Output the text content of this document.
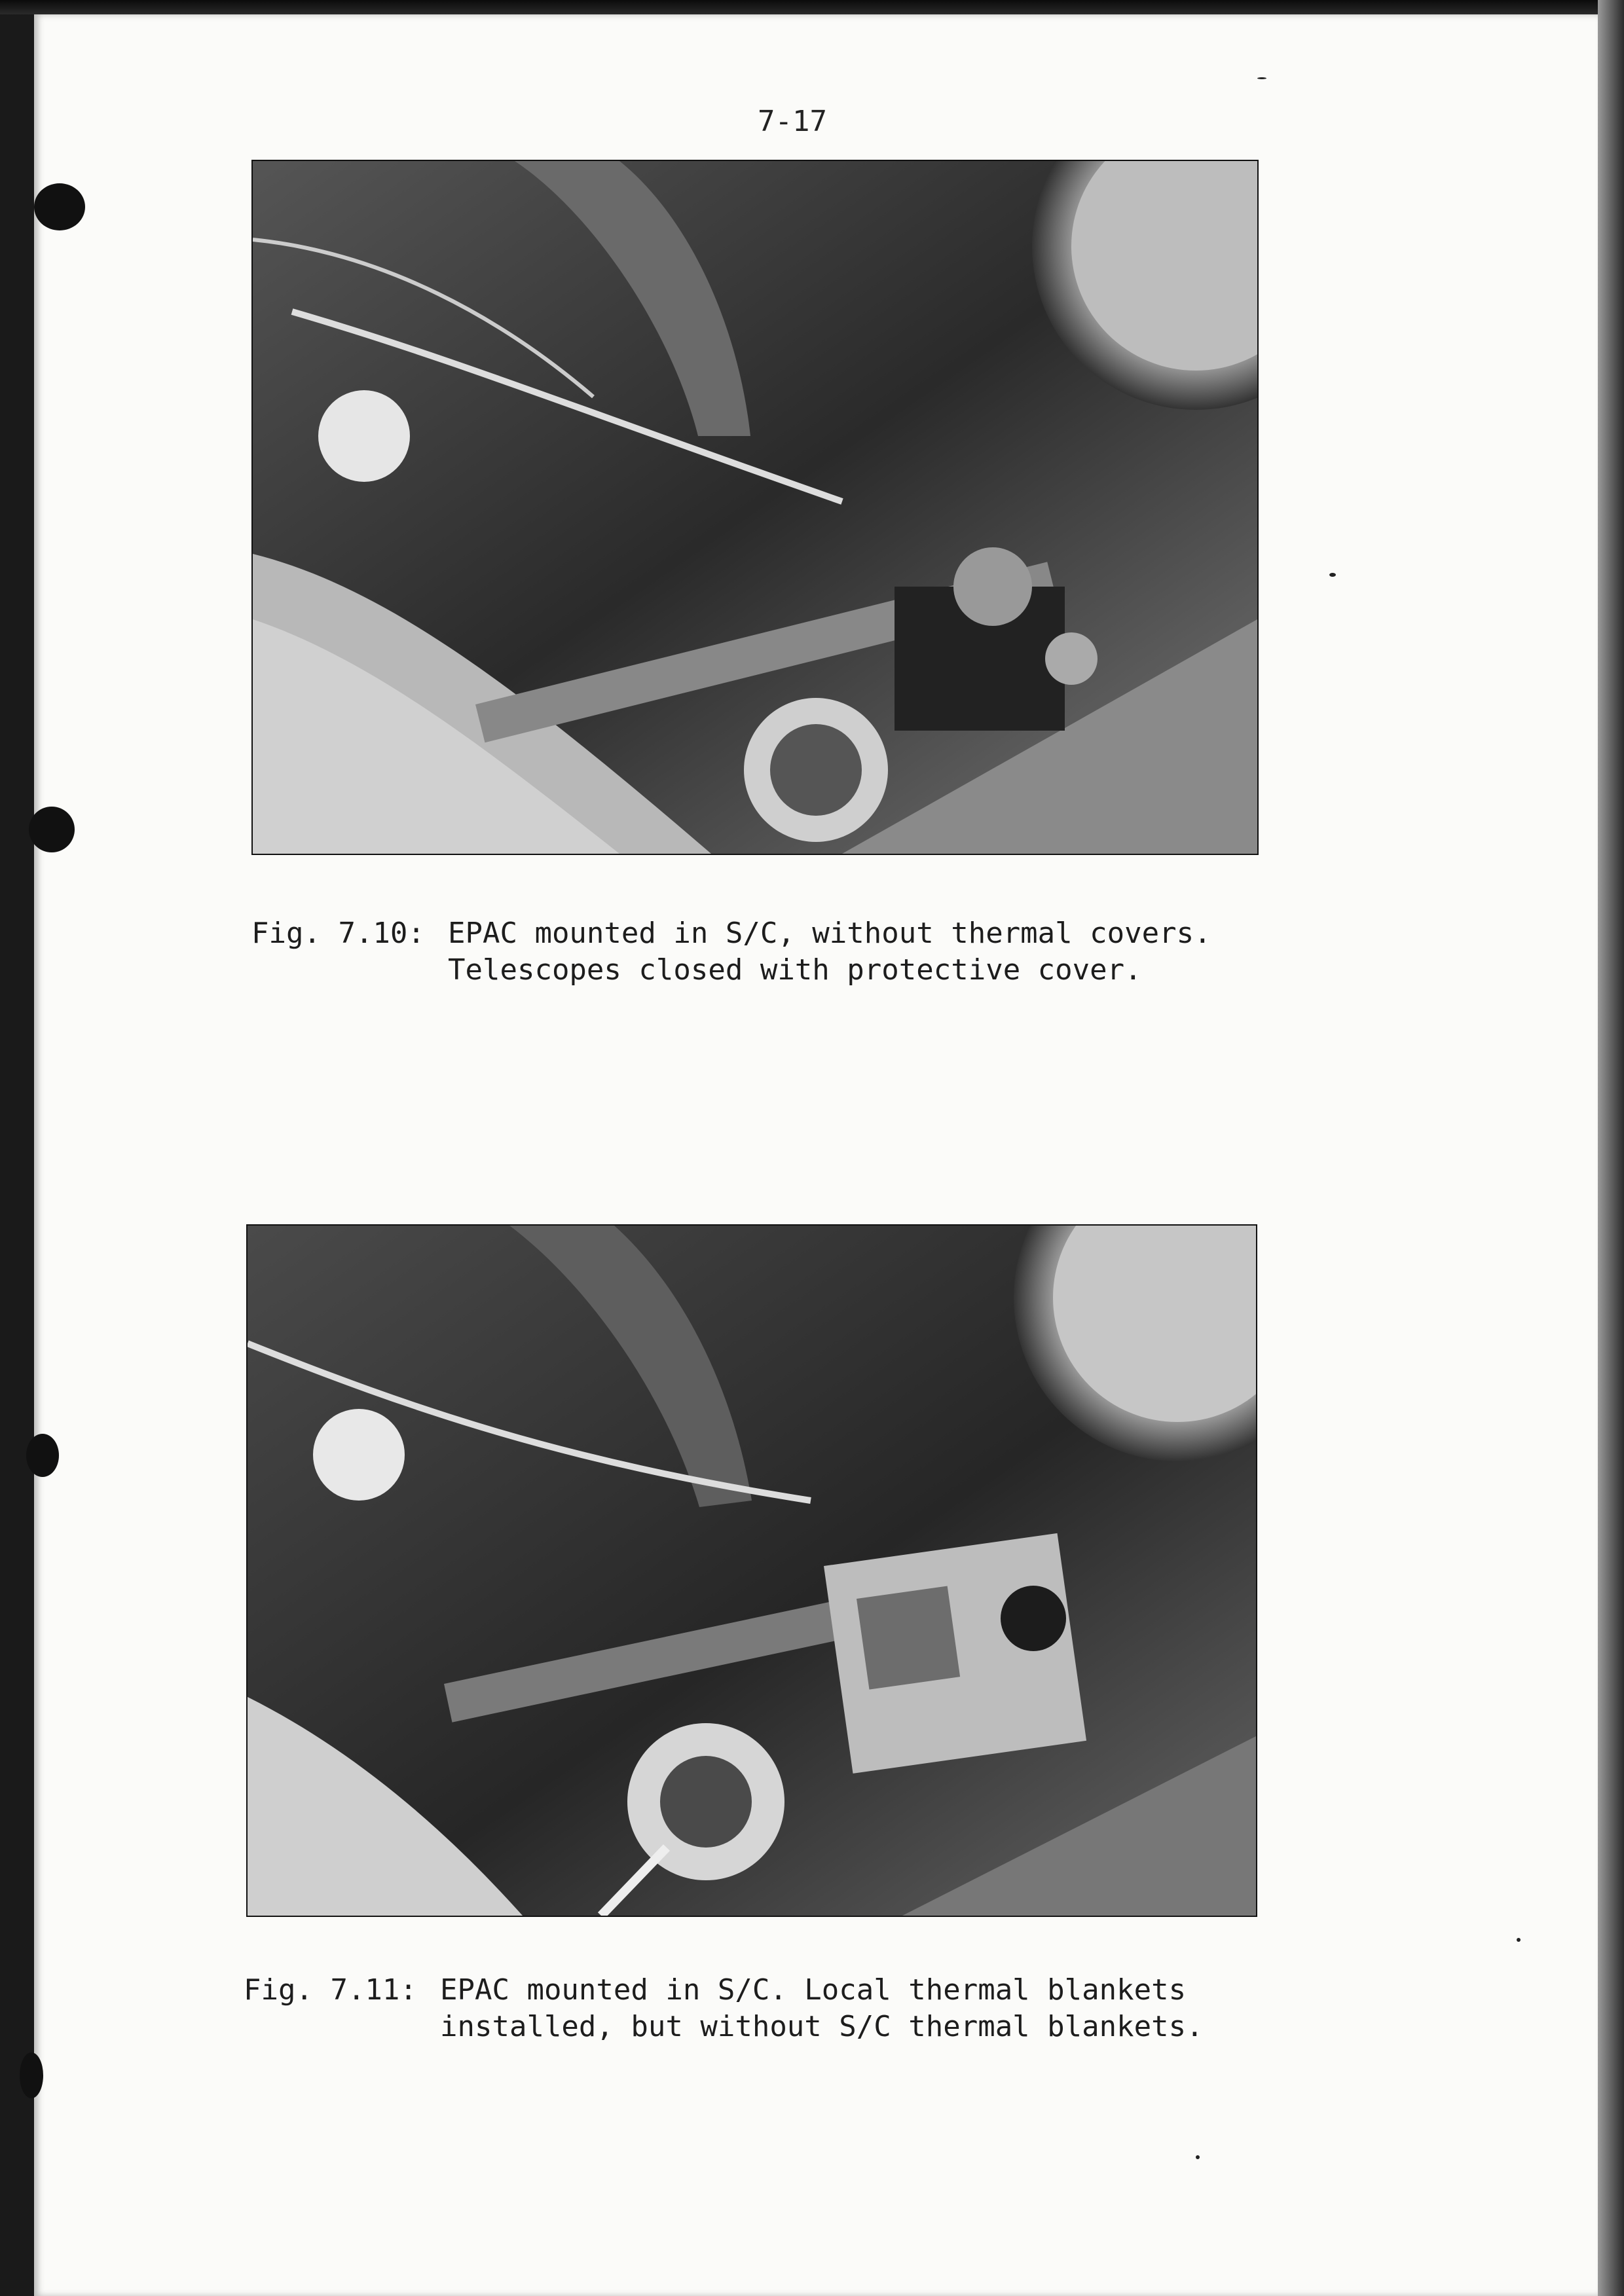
7-17

Fig. 7.10:

EPAC mounted in S/C, without thermal covers.

Telescopes closed with protective cover.

Fig. 7.11:

EPAC mounted in S/C. Local thermal blankets

installed, but without S/C thermal blankets.
